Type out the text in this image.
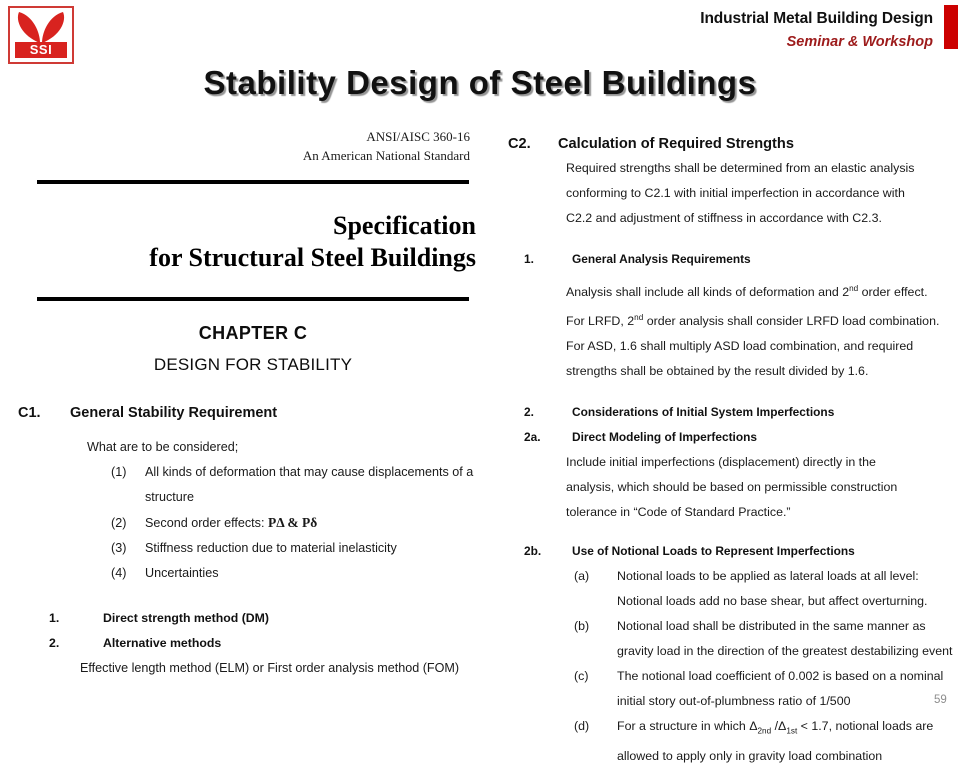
SSI
Industrial Metal Building Design
Seminar & Workshop
Stability Design of Steel Buildings
ANSI/AISC 360-16
An American National Standard
Specification
for Structural Steel Buildings
CHAPTER C
DESIGN FOR STABILITY
C1. General Stability Requirement
What are to be considered;
(1) All kinds of deformation that may cause displacements of a
structure
(2) Second order effects: PΔ & Pδ
(3) Stiffness reduction due to material inelasticity
(4) Uncertainties
1.	Direct strength method (DM)
2.	Alternative methods
Effective length method (ELM) or First order analysis method (FOM)
C2. Calculation of Required Strengths
Required strengths shall be determined from an elastic analysis
conforming to C2.1 with initial imperfection in accordance with
C2.2 and adjustment of stiffness in accordance with C2.3.
1.	General Analysis Requirements
Analysis shall include all kinds of deformation and 2nd order effect.
For LRFD, 2nd order analysis shall consider LRFD load combination.
For ASD, 1.6 shall multiply ASD load combination, and required
strengths shall be obtained by the result divided by 1.6.
2.	Considerations of Initial System Imperfections
2a.	Direct Modeling of Imperfections
Include initial imperfections (displacement) directly in the
analysis, which should be based on permissible construction
tolerance in “Code of Standard Practice.”
2b.	Use of Notional Loads to Represent Imperfections
(a) Notional loads to be applied as lateral loads at all level:
Notional loads add no base shear, but affect overturning.
(b) Notional load shall be distributed in the same manner as
gravity load in the direction of the greatest destabilizing event
(c) The notional load coefficient of 0.002 is based on a nominal
initial story out-of-plumbness ratio of 1/500
(d) For a structure in which $\Delta_{2nd}$ $/\Delta_{1st} < 1.7$, notional loads are
allowed to apply only in gravity load combination
59
